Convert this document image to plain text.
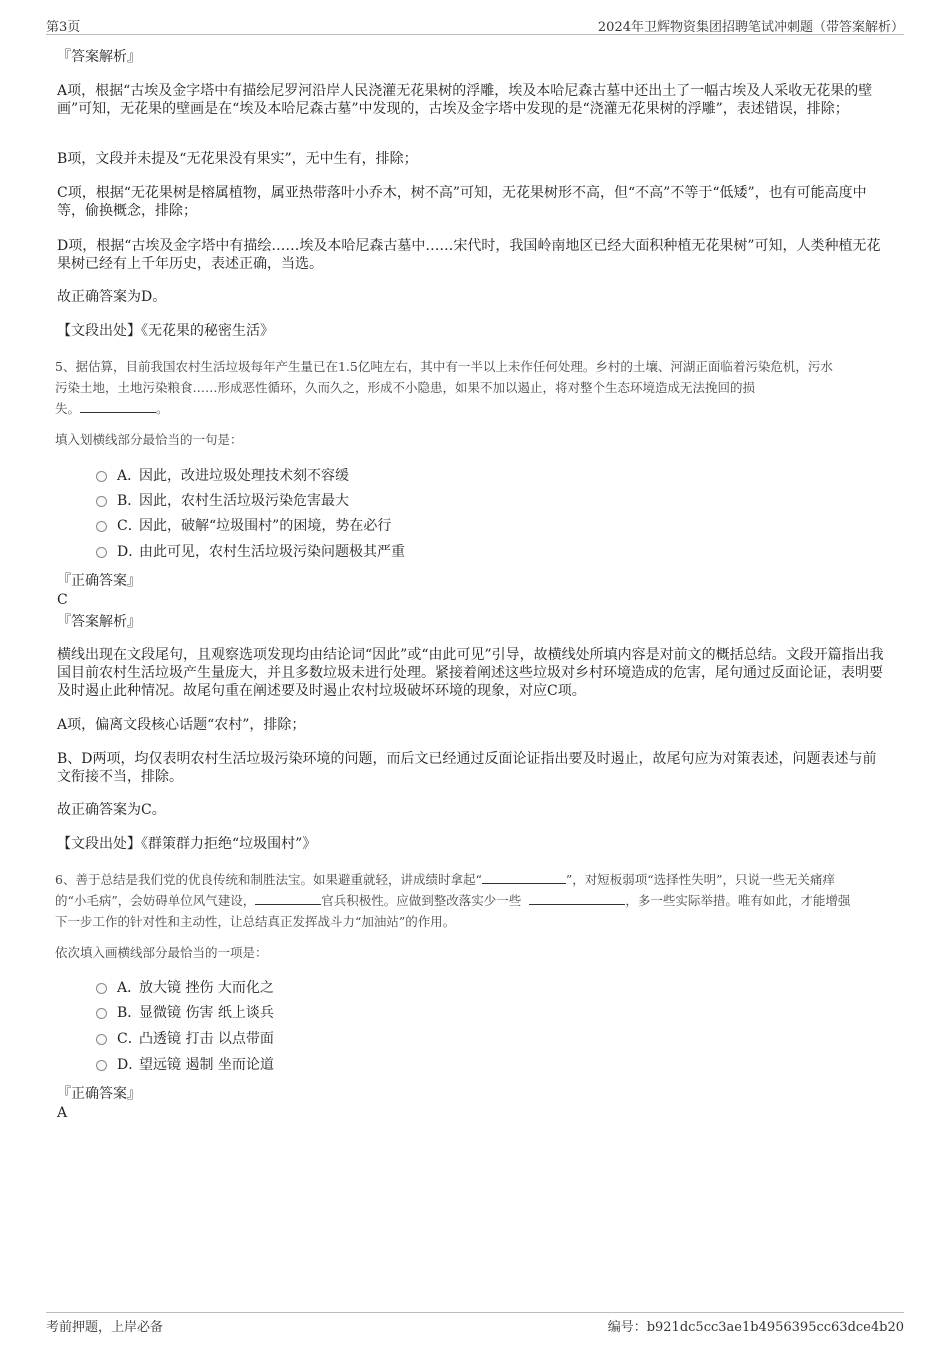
第3页	2024年卫辉物资集团招聘笔试冲刺题（带答案解析）
『答案解析』
A项，根据“古埃及金字塔中有描绘尼罗河沿岸人民浇灌无花果树的浮雕，埃及本哈尼森古墓中还出土了一幅古埃及人采收无花果的壁画”可知，无花果的壁画是在“埃及本哈尼森古墓”中发现的，古埃及金字塔中发现的是“浇灌无花果树的浮雕”，表述错误，排除；
B项，文段并未提及“无花果没有果实”，无中生有，排除；
C项，根据“无花果树是榕属植物，属亚热带落叶小乔木，树不高”可知，无花果树形不高，但“不高”不等于“低矮”，也有可能高度中等，偷换概念，排除；
D项，根据“古埃及金字塔中有描绘……埃及本哈尼森古墓中……宋代时，我国岭南地区已经大面积种植无花果树”可知，人类种植无花果树已经有上千年历史，表述正确，当选。
故正确答案为D。
【文段出处】《无花果的秘密生活》
5、据估算，目前我国农村生活垃圾每年产生量已在1.5亿吨左右，其中有一半以上未作任何处理。乡村的土壤、河湖正面临着污染危机，污水
污染土地，土地污染粮食……形成恶性循环，久而久之，形成不小隐患，如果不加以遏止，将对整个生态环境造成无法挽回的损
失。	。
填入划横线部分最恰当的一句是：
A．因此，改进垃圾处理技术刻不容缓
B．因此，农村生活垃圾污染危害最大
C．因此，破解“垃圾围村”的困境，势在必行
D．由此可见，农村生活垃圾污染问题极其严重
『正确答案』
C
『答案解析』
横线出现在文段尾句，且观察选项发现均由结论词“因此”或“由此可见”引导，故横线处所填内容是对前文的概括总结。文段开篇指出我国目前农村生活垃圾产生量庞大，并且多数垃圾未进行处理。紧接着阐述这些垃圾对乡村环境造成的危害，尾句通过反面论证，表明要及时遏止此种情况。故尾句重在阐述要及时遏止农村垃圾破坏环境的现象，对应C项。
A项，偏离文段核心话题“农村”，排除；
B、D两项，均仅表明农村生活垃圾污染环境的问题，而后文已经通过反面论证指出要及时遏止，故尾句应为对策表述，问题表述与前文衔接不当，排除。
故正确答案为C。
【文段出处】《群策群力拒绝“垃圾围村”》
6、善于总结是我们党的优良传统和制胜法宝。如果避重就轻，讲成绩时拿起“	”，对短板弱项“选择性失明”，只说一些无关痛痒
的“小毛病”，会妨碍单位风气建设，	官兵积极性。应做到整改落实少一些	，多一些实际举措。唯有如此，才能增强
下一步工作的针对性和主动性，让总结真正发挥战斗力“加油站”的作用。
依次填入画横线部分最恰当的一项是：
A．放大镜 挫伤 大而化之
B．显微镜 伤害 纸上谈兵
C．凸透镜 打击 以点带面
D．望远镜 遏制 坐而论道
『正确答案』
A
考前押题，上岸必备	编号：b921dc5cc3ae1b4956395cc63dce4b20
